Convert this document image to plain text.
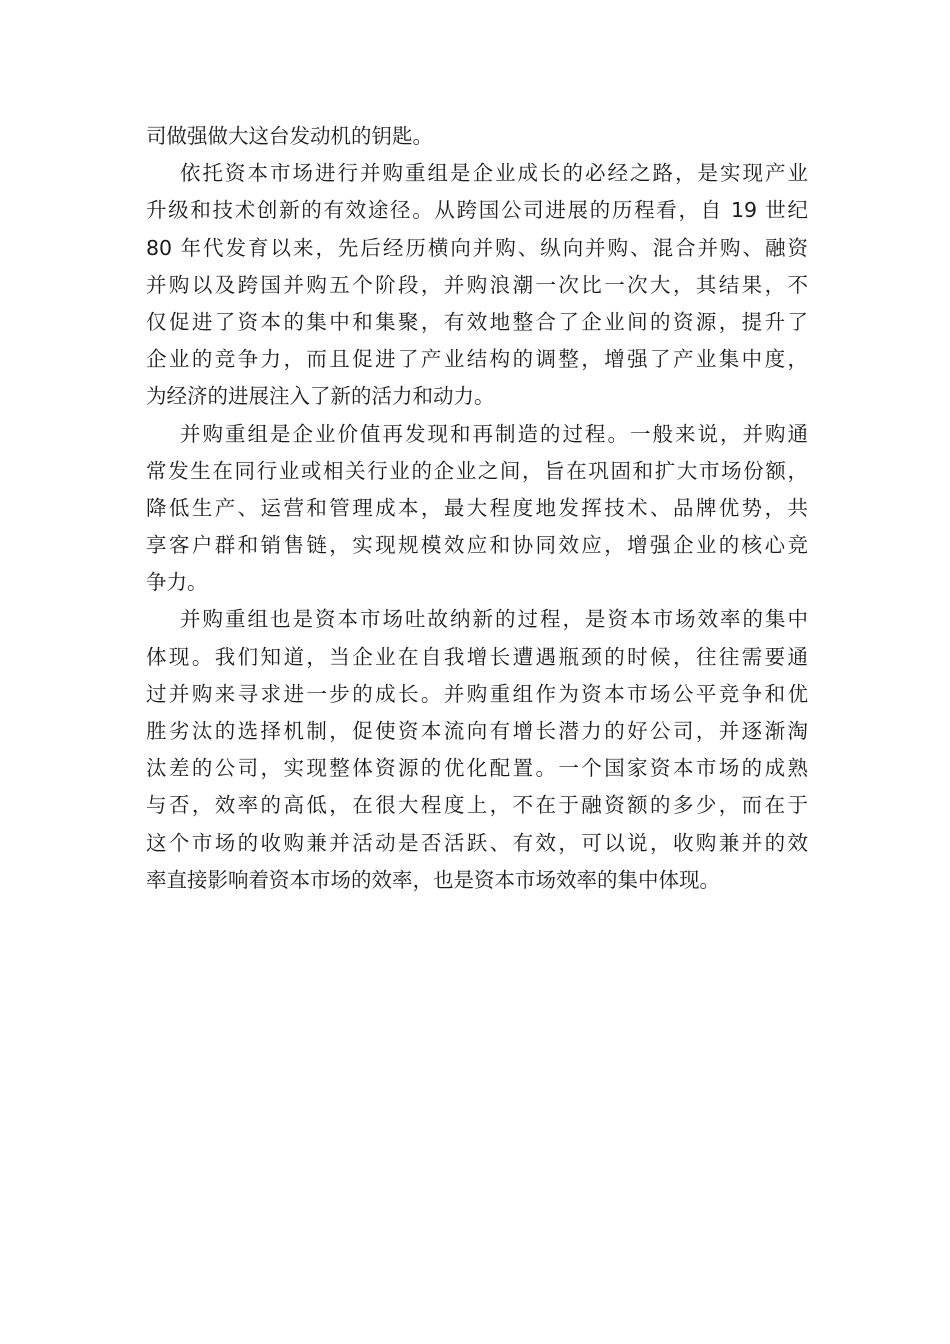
司做强做大这台发动机的钥匙。
依托资本市场进行并购重组是企业成长的必经之路，是实现产业
升级和技术创新的有效途径。从跨国公司进展的历程看，自 19 世纪
80 年代发育以来，先后经历横向并购、纵向并购、混合并购、融资
并购以及跨国并购五个阶段，并购浪潮一次比一次大，其结果，不
仅促进了资本的集中和集聚，有效地整合了企业间的资源，提升了
企业的竞争力，而且促进了产业结构的调整，增强了产业集中度，
为经济的进展注入了新的活力和动力。
并购重组是企业价值再发现和再制造的过程。一般来说，并购通
常发生在同行业或相关行业的企业之间，旨在巩固和扩大市场份额，
降低生产、运营和管理成本，最大程度地发挥技术、品牌优势，共
享客户群和销售链，实现规模效应和协同效应，增强企业的核心竞
争力。
并购重组也是资本市场吐故纳新的过程，是资本市场效率的集中
体现。我们知道，当企业在自我增长遭遇瓶颈的时候，往往需要通
过并购来寻求进一步的成长。并购重组作为资本市场公平竞争和优
胜劣汰的选择机制，促使资本流向有增长潜力的好公司，并逐渐淘
汰差的公司，实现整体资源的优化配置。一个国家资本市场的成熟
与否，效率的高低，在很大程度上，不在于融资额的多少，而在于
这个市场的收购兼并活动是否活跃、有效，可以说，收购兼并的效
率直接影响着资本市场的效率，也是资本市场效率的集中体现。
